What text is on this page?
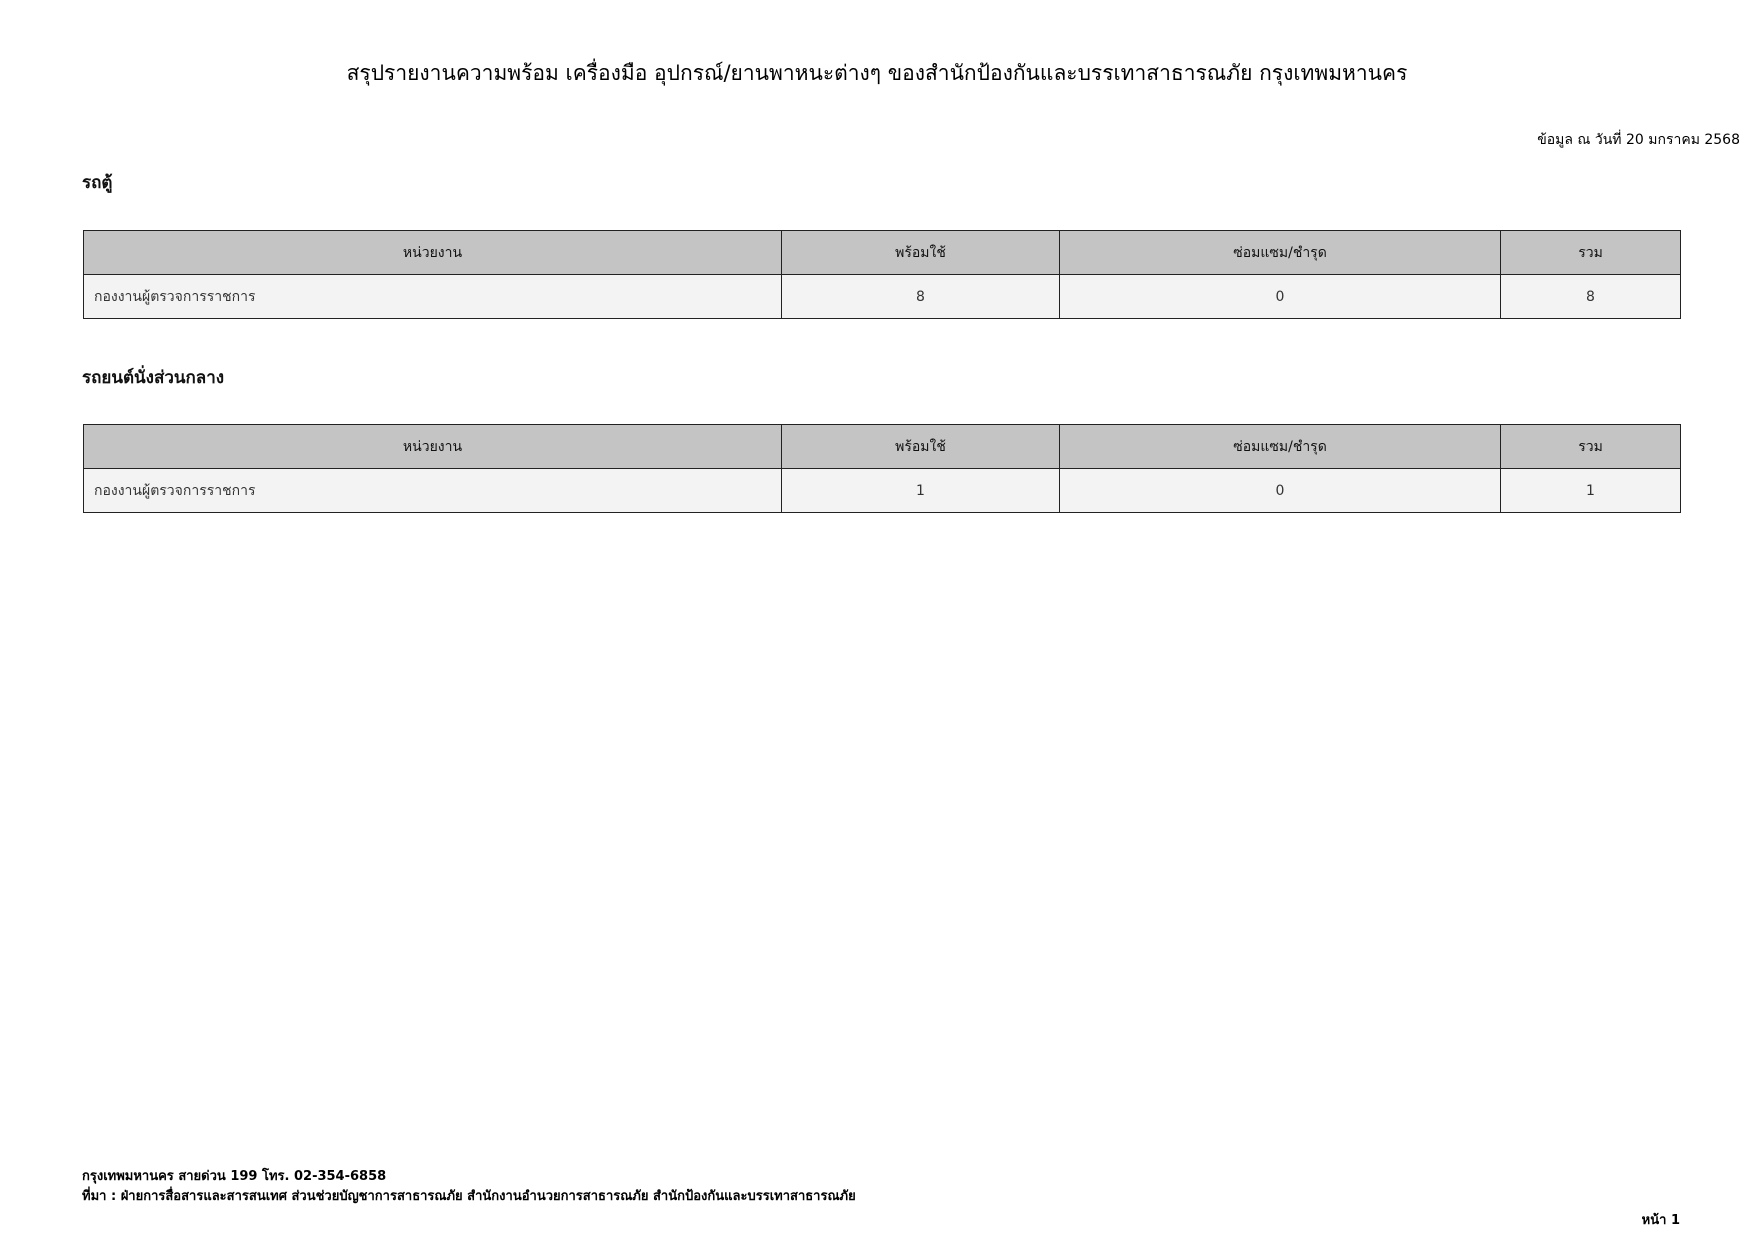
สรุปรายงานความพร้อม เครื่องมือ อุปกรณ์/ยานพาหนะต่างๆ ของสำนักป้องกันและบรรเทาสาธารณภัย กรุงเทพมหานคร
ข้อมูล ณ วันที่ 20 มกราคม 2568
รถตู้
หน่วยงาน	พร้อมใช้	ซ่อมแซม/ชำรุด	รวม
กองงานผู้ตรวจการราชการ	8	0	8
รถยนต์นั่งส่วนกลาง
หน่วยงาน	พร้อมใช้	ซ่อมแซม/ชำรุด	รวม
กองงานผู้ตรวจการราชการ	1	0	1
กรุงเทพมหานคร สายด่วน 199 โทร. 02-354-6858
ที่มา : ฝ่ายการสื่อสารและสารสนเทศ ส่วนช่วยบัญชาการสาธารณภัย สำนักงานอำนวยการสาธารณภัย สำนักป้องกันและบรรเทาสาธารณภัย
หน้า 1
